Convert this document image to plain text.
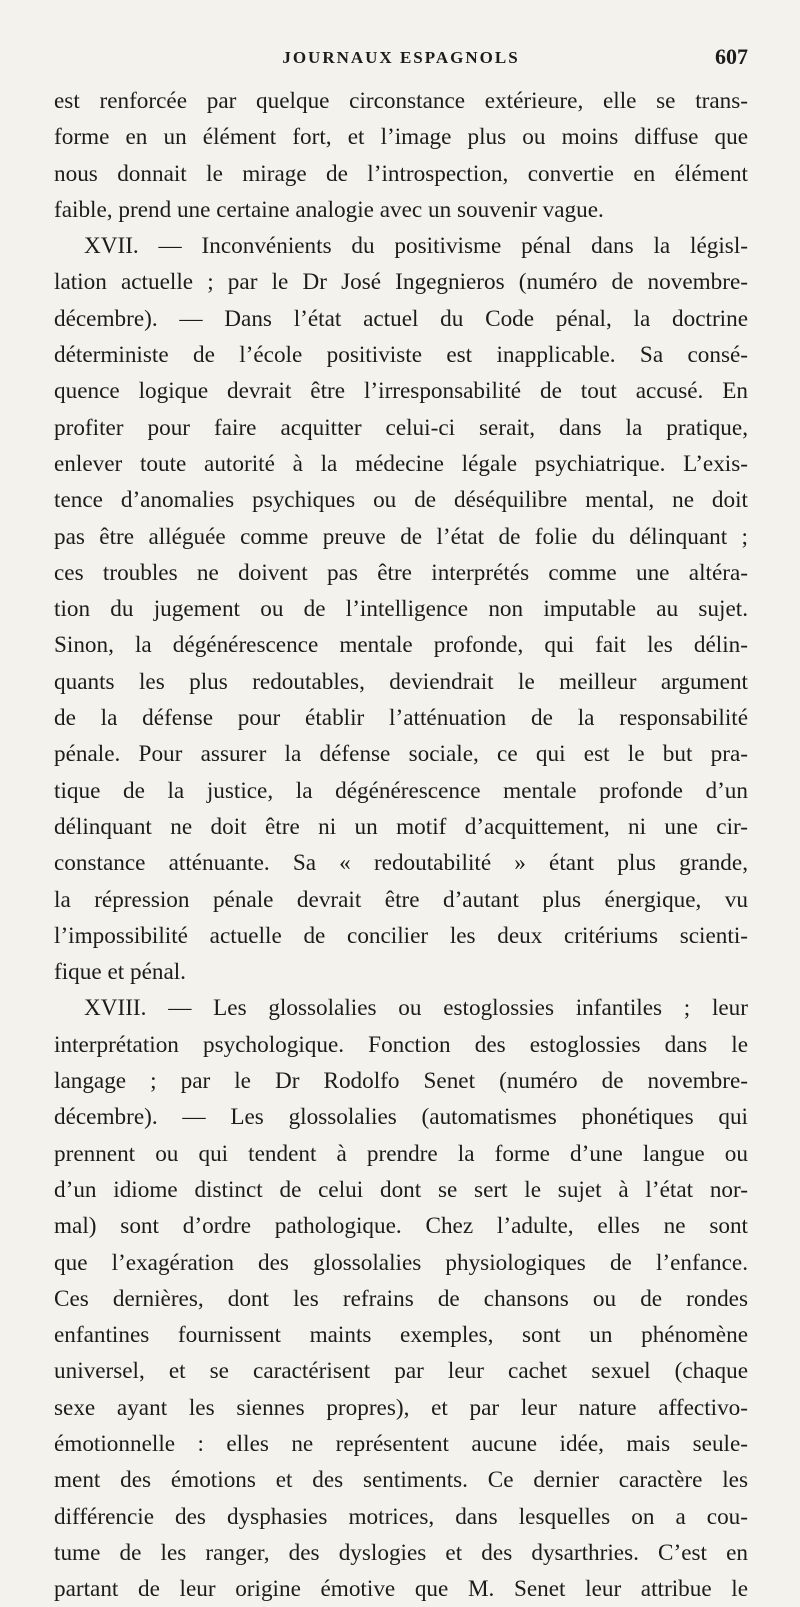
JOURNAUX ESPAGNOLS	607
est renforcée par quelque circonstance extérieure, elle se trans-
forme en un élément fort, et l’image plus ou moins diffuse que
nous donnait le mirage de l’introspection, convertie en élément
faible, prend une certaine analogie avec un souvenir vague.
XVII. — Inconvénients du positivisme pénal dans la législ-
lation actuelle ; par le Dr José Ingegnieros (numéro de novembre-
décembre). — Dans l’état actuel du Code pénal, la doctrine
déterministe de l’école positiviste est inapplicable. Sa consé-
quence logique devrait être l’irresponsabilité de tout accusé. En
profiter pour faire acquitter celui-ci serait, dans la pratique,
enlever toute autorité à la médecine légale psychiatrique. L’exis-
tence d’anomalies psychiques ou de déséquilibre mental, ne doit
pas être alléguée comme preuve de l’état de folie du délinquant ;
ces troubles ne doivent pas être interprétés comme une altéra-
tion du jugement ou de l’intelligence non imputable au sujet.
Sinon, la dégénérescence mentale profonde, qui fait les délin-
quants les plus redoutables, deviendrait le meilleur argument
de la défense pour établir l’atténuation de la responsabilité
pénale. Pour assurer la défense sociale, ce qui est le but pra-
tique de la justice, la dégénérescence mentale profonde d’un
délinquant ne doit être ni un motif d’acquittement, ni une cir-
constance atténuante. Sa « redoutabilité » étant plus grande,
la répression pénale devrait être d’autant plus énergique, vu
l’impossibilité actuelle de concilier les deux critériums scienti-
fique et pénal.
XVIII. — Les glossolalies ou estoglossies infantiles ; leur
interprétation psychologique. Fonction des estoglossies dans le
langage ; par le Dr Rodolfo Senet (numéro de novembre-
décembre). — Les glossolalies (automatismes phonétiques qui
prennent ou qui tendent à prendre la forme d’une langue ou
d’un idiome distinct de celui dont se sert le sujet à l’état nor-
mal) sont d’ordre pathologique. Chez l’adulte, elles ne sont
que l’exagération des glossolalies physiologiques de l’enfance.
Ces dernières, dont les refrains de chansons ou de rondes
enfantines fournissent maints exemples, sont un phénomène
universel, et se caractérisent par leur cachet sexuel (chaque
sexe ayant les siennes propres), et par leur nature affectivo-
émotionnelle : elles ne représentent aucune idée, mais seule-
ment des émotions et des sentiments. Ce dernier caractère les
différencie des dysphasies motrices, dans lesquelles on a cou-
tume de les ranger, des dyslogies et des dysarthries. C’est en
partant de leur origine émotive que M. Senet leur attribue le
